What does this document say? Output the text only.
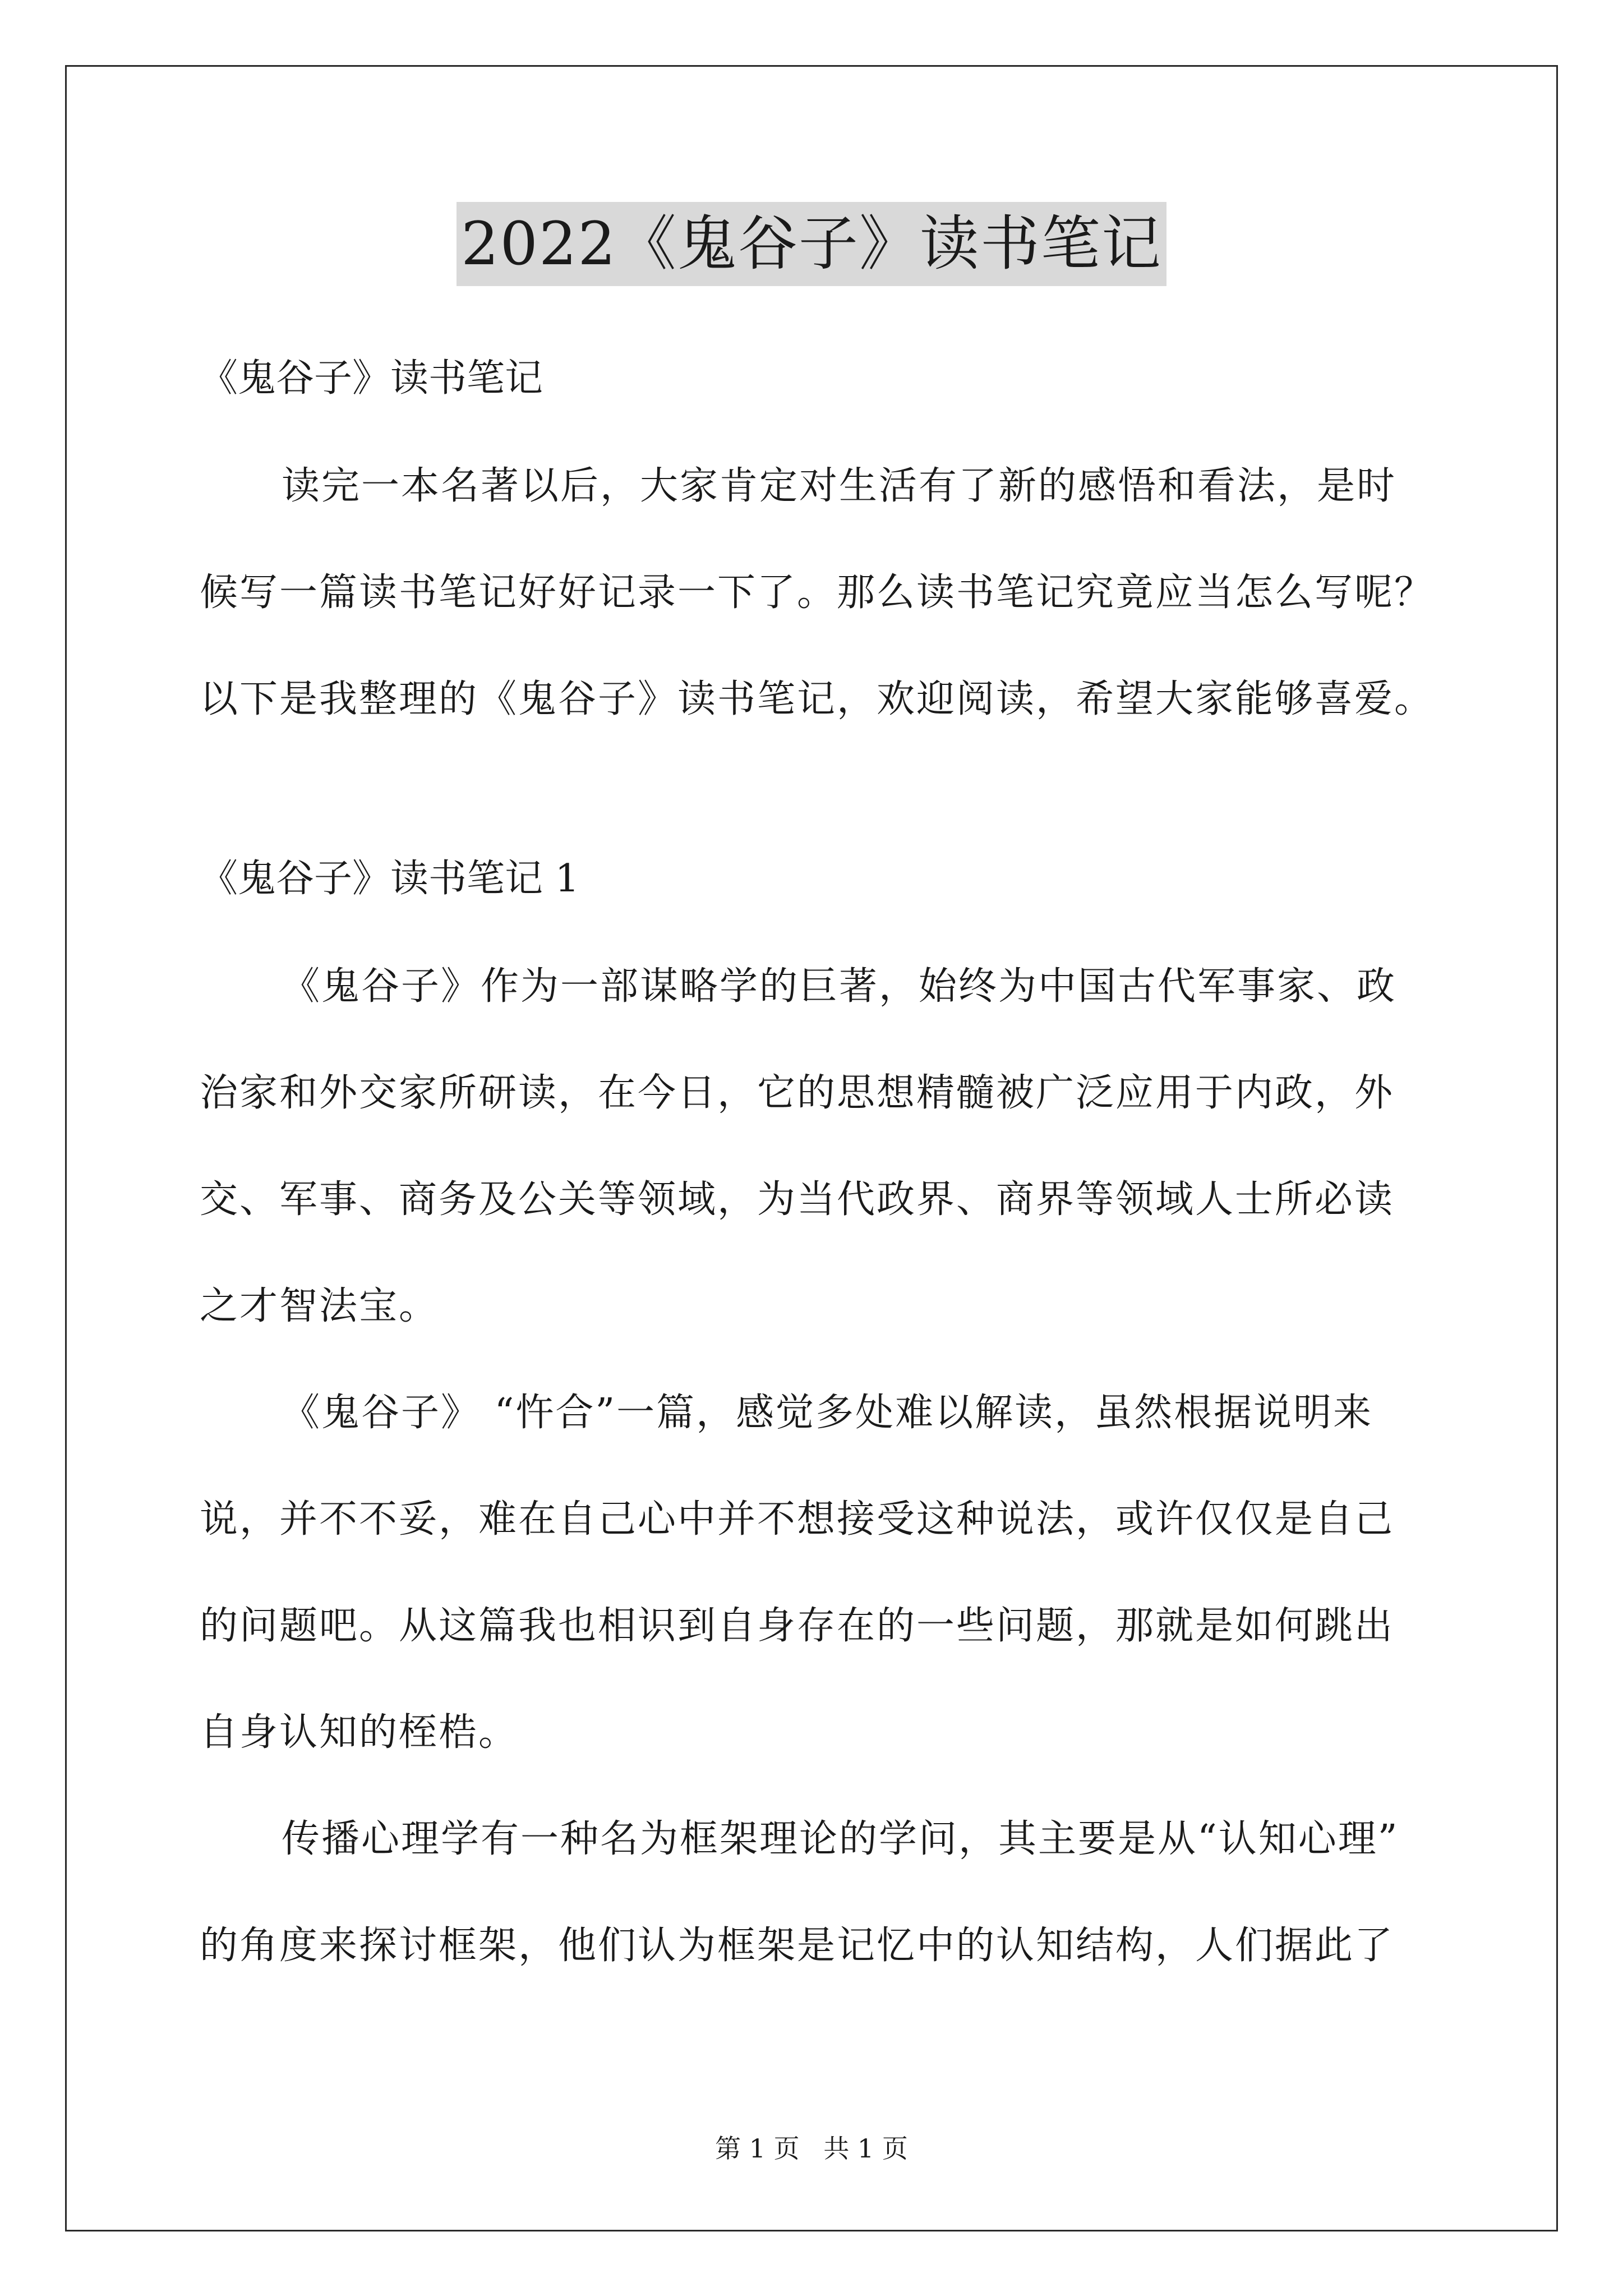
2022《鬼谷子》读书笔记
《鬼谷子》读书笔记
读完一本名著以后，大家肯定对生活有了新的感悟和看法，是时
候写一篇读书笔记好好记录一下了。那么读书笔记究竟应当怎么写呢？
以下是我整理的《鬼谷子》读书笔记，欢迎阅读，希望大家能够喜爱。
《鬼谷子》读书笔记 1
《鬼谷子》作为一部谋略学的巨著，始终为中国古代军事家、政
治家和外交家所研读，在今日，它的思想精髓被广泛应用于内政，外
交、军事、商务及公关等领域，为当代政界、商界等领域人士所必读
之才智法宝。
《鬼谷子》 “忤合”一篇，感觉多处难以解读，虽然根据说明来
说，并不不妥，难在自己心中并不想接受这种说法，或许仅仅是自己
的问题吧。从这篇我也相识到自身存在的一些问题，那就是如何跳出
自身认知的桎梏。
传播心理学有一种名为框架理论的学问，其主要是从“认知心理”
的角度来探讨框架，他们认为框架是记忆中的认知结构，人们据此了
第 1 页 共 1 页
